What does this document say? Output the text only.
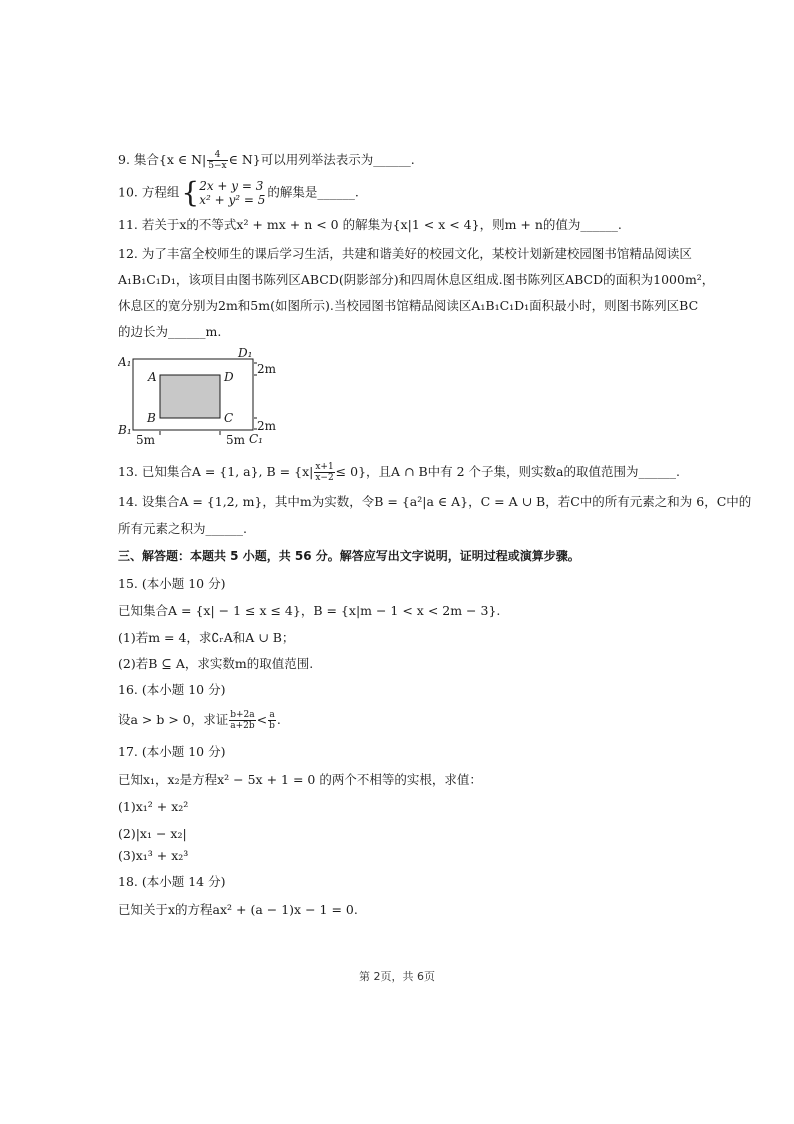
9. 集合{x ∈ $N| \frac{4}{5-x}$ ∈ N}可以用列举法表示为______.
10. 方程组{ 2x + y = 3
x² + y² = 5
的解集是______.
11. 若关于x的不等式x² + mx + n < 0 的解集为{x|1 < x < 4}，则m + n的值为______.
12. 为了丰富全校师生的课后学习生活，共建和谐美好的校园文化，某校计划新建校园图书馆精品阅读区
A₁B₁C₁D₁，该项目由图书陈列区ABCD(阴影部分)和四周休息区组成.图书陈列区ABCD的面积为1000m²，
休息区的宽分别为2m和5m(如图所示).当校园图书馆精品阅读区A₁B₁C₁D₁面积最小时，则图书陈列区BC
的边长为______m.
A₁
B₁
C₁
D₁
A
B	C
D
2m
2m
5m	5m
13. 已知集合A = {1, a}, $B = \{x| \frac{x+1}{x-2} \le 0\}$，且A ∩ B中有 2 个子集，则实数a的取值范围为______.
14. 设集合A = {1,2, m}，其中m为实数，令B = {a²|a ∈ A}，C = A ∪ B，若C中的所有元素之和为 6，C中的
所有元素之积为______.
三、解答题：本题共 5 小题，共 56 分。解答应写出文字说明，证明过程或演算步骤。
15. (本小题 10 分)
已知集合A = {x| − 1 ≤ x ≤ 4}，B = {x|m − 1 < x < 2m − 3}.
(1)若m = 4，求∁ᵣA和A ∪ B；
(2)若B ⊆ A，求实数m的取值范围.
16. (本小题 10 分)
设a > b > 0，求证 $\frac{b+2a}{a+2b} < \frac{a}{b}$ .
17. (本小题 10 分)
已知x₁，x₂是方程x² − 5x + 1 = 0 的两个不相等的实根，求值：
(1)x₁² + x₂²
(2)|x₁ − x₂|
(3)x₁³ + x₂³
18. (本小题 14 分)
已知关于x的方程ax² + (a − 1)x − 1 = 0.
第 2页，共 6页
